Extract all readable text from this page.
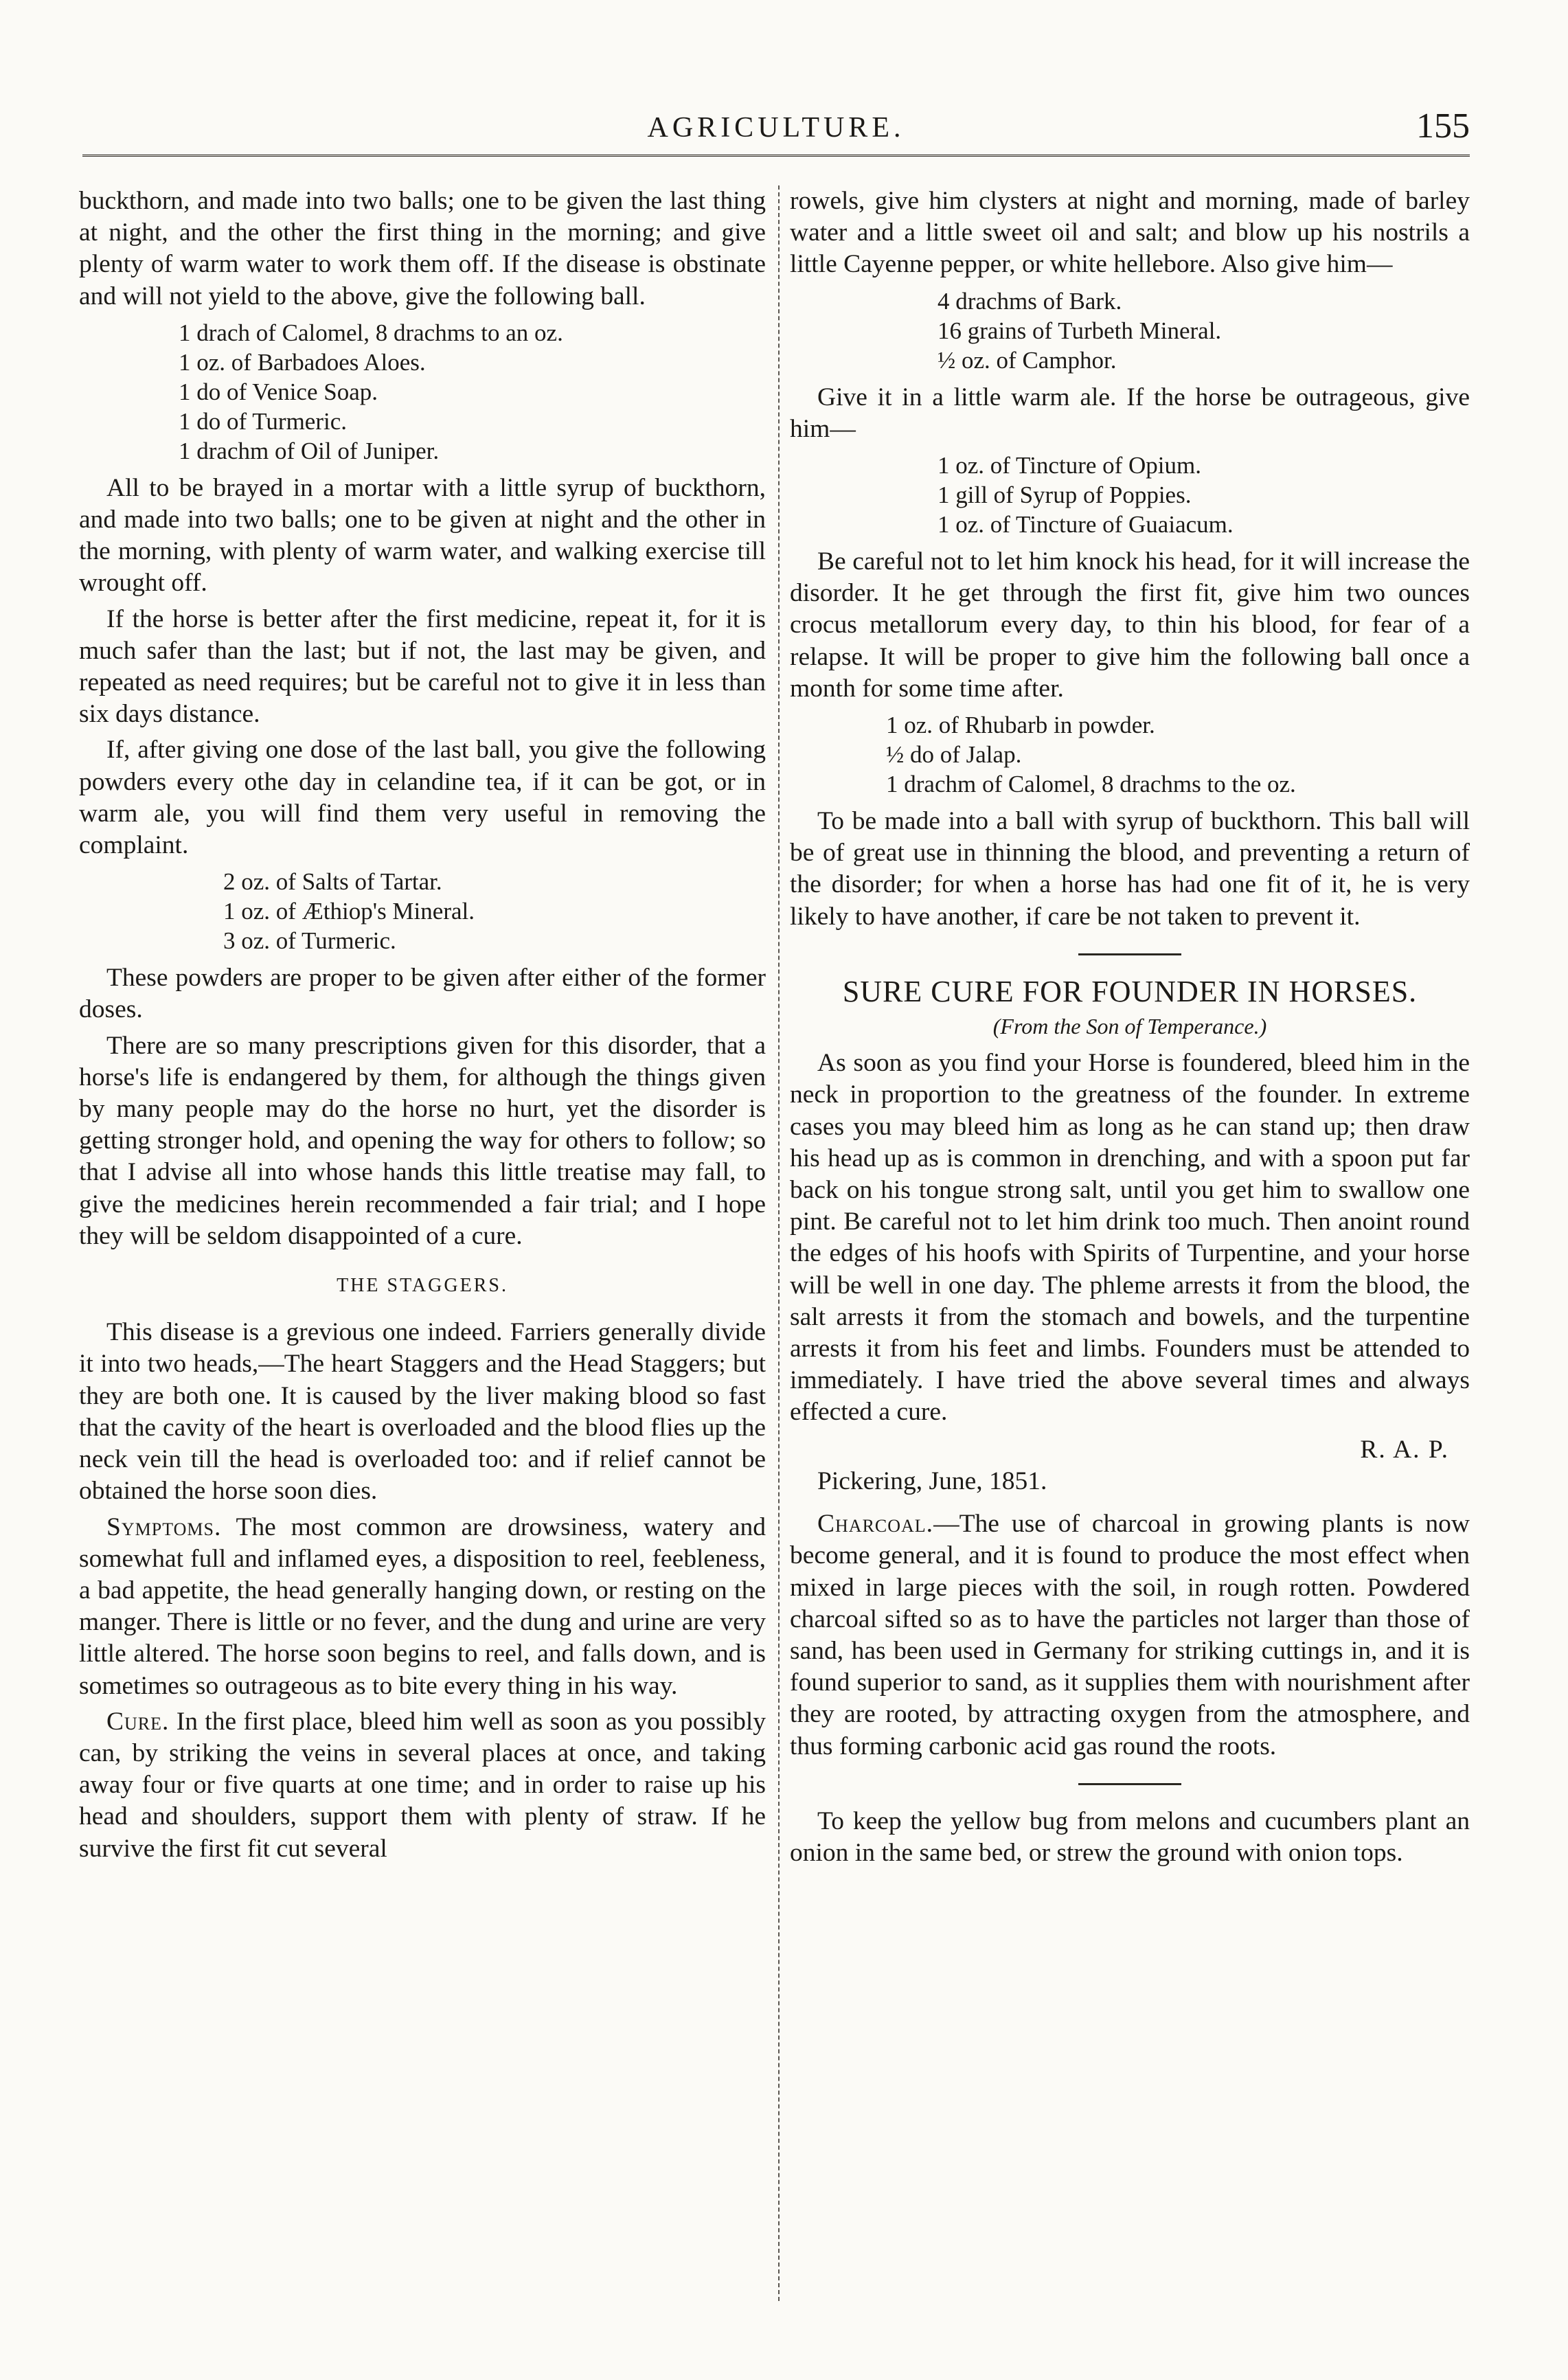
AGRICULTURE.	155

buckthorn, and made into two balls; one to be given the last thing at night, and the other the first thing in the morning; and give plenty of warm water to work them off. If the disease is obstinate and will not yield to the above, give the following ball.

1 drach of Calomel, 8 drachms to an oz.
1 oz. of Barbadoes Aloes.
1 do of Venice Soap.
1 do of Turmeric.
1 drachm of Oil of Juniper.

All to be brayed in a mortar with a little syrup of buckthorn, and made into two balls; one to be given at night and the other in the morning, with plenty of warm water, and walking exercise till wrought off.

If the horse is better after the first medicine, repeat it, for it is much safer than the last; but if not, the last may be given, and repeated as need requires; but be careful not to give it in less than six days distance.

If, after giving one dose of the last ball, you give the following powders every othe day in celandine tea, if it can be got, or in warm ale, you will find them very useful in removing the complaint.

2 oz. of Salts of Tartar.
1 oz. of Æthiop's Mineral.
3 oz. of Turmeric.

These powders are proper to be given after either of the former doses.

There are so many prescriptions given for this disorder, that a horse's life is endangered by them, for although the things given by many people may do the horse no hurt, yet the disorder is getting stronger hold, and opening the way for others to follow; so that I advise all into whose hands this little treatise may fall, to give the medicines herein recommended a fair trial; and I hope they will be seldom disappointed of a cure.

THE STAGGERS.

This disease is a grevious one indeed. Farriers generally divide it into two heads,—The heart Staggers and the Head Staggers; but they are both one. It is caused by the liver making blood so fast that the cavity of the heart is overloaded and the blood flies up the neck vein till the head is overloaded too: and if relief cannot be obtained the horse soon dies.

Symptoms. The most common are drowsiness, watery and somewhat full and inflamed eyes, a disposition to reel, feebleness, a bad appetite, the head generally hanging down, or resting on the manger. There is little or no fever, and the dung and urine are very little altered. The horse soon begins to reel, and falls down, and is sometimes so outrageous as to bite every thing in his way.

Cure. In the first place, bleed him well as soon as you possibly can, by striking the veins in several places at once, and taking away four or five quarts at one time; and in order to raise up his head and shoulders, support them with plenty of straw. If he survive the first fit cut several

rowels, give him clysters at night and morning, made of barley water and a little sweet oil and salt; and blow up his nostrils a little Cayenne pepper, or white hellebore. Also give him—

4 drachms of Bark.
16 grains of Turbeth Mineral.
½ oz. of Camphor.

Give it in a little warm ale. If the horse be outrageous, give him—

1 oz. of Tincture of Opium.
1 gill of Syrup of Poppies.
1 oz. of Tincture of Guaiacum.

Be careful not to let him knock his head, for it will increase the disorder. It he get through the first fit, give him two ounces crocus metallorum every day, to thin his blood, for fear of a relapse. It will be proper to give him the following ball once a month for some time after.

1 oz. of Rhubarb in powder.
½ do of Jalap.
1 drachm of Calomel, 8 drachms to the oz.

To be made into a ball with syrup of buckthorn. This ball will be of great use in thinning the blood, and preventing a return of the disorder; for when a horse has had one fit of it, he is very likely to have another, if care be not taken to prevent it.

SURE CURE FOR FOUNDER IN HORSES.
(From the Son of Temperance.)

As soon as you find your Horse is foundered, bleed him in the neck in proportion to the greatness of the founder. In extreme cases you may bleed him as long as he can stand up; then draw his head up as is common in drenching, and with a spoon put far back on his tongue strong salt, until you get him to swallow one pint. Be careful not to let him drink too much. Then anoint round the edges of his hoofs with Spirits of Turpentine, and your horse will be well in one day. The phleme arrests it from the blood, the salt arrests it from the stomach and bowels, and the turpentine arrests it from his feet and limbs. Founders must be attended to immediately. I have tried the above several times and always effected a cure.

R. A. P.

Pickering, June, 1851.

Charcoal.—The use of charcoal in growing plants is now become general, and it is found to produce the most effect when mixed in large pieces with the soil, in rough rotten. Powdered charcoal sifted so as to have the particles not larger than those of sand, has been used in Germany for striking cuttings in, and it is found superior to sand, as it supplies them with nourishment after they are rooted, by attracting oxygen from the atmosphere, and thus forming carbonic acid gas round the roots.

To keep the yellow bug from melons and cucumbers plant an onion in the same bed, or strew the ground with onion tops.
